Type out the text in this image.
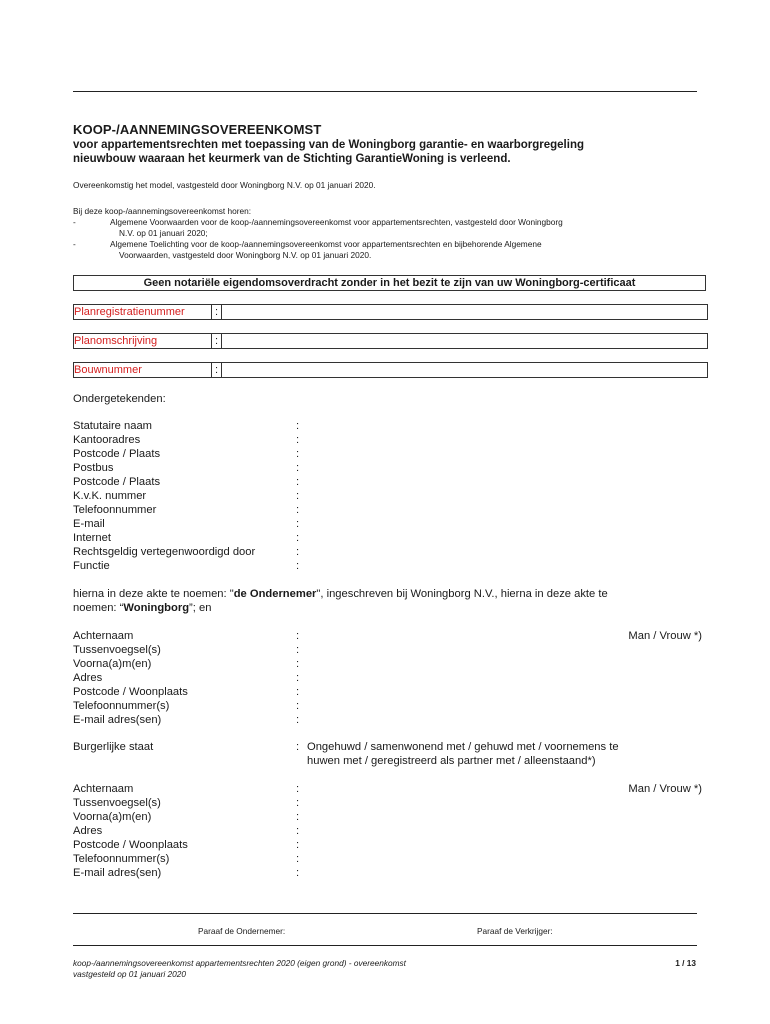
KOOP-/AANNEMINGSOVEREENKOMST
voor appartementsrechten met toepassing van de Woningborg garantie- en waarborgregeling
nieuwbouw waaraan het keurmerk van de Stichting GarantieWoning is verleend.
Overeenkomstig het model, vastgesteld door Woningborg N.V. op 01 januari 2020.
Bij deze koop-/aannemingsovereenkomst horen:
-	Algemene Voorwaarden voor de koop-/aannemingsovereenkomst voor appartementsrechten, vastgesteld door Woningborg
N.V. op 01 januari 2020;
-	Algemene Toelichting voor de koop-/aannemingsovereenkomst voor appartementsrechten en bijbehorende Algemene
Voorwaarden, vastgesteld door Woningborg N.V. op 01 januari 2020.
Geen notariële eigendomsoverdracht zonder in het bezit te zijn van uw Woningborg-certificaat
Planregistratienummer	:
Planomschrijving	:
Bouwnummer	:
Ondergetekenden:
Statutaire naam	:
Kantooradres	:
Postcode / Plaats	:
Postbus	:
Postcode / Plaats	:
K.v.K. nummer	:
Telefoonnummer	:
E-mail	:
Internet	:
Rechtsgeldig vertegenwoordigd door	:
Functie	:
hierna in deze akte te noemen: "de Ondernemer", ingeschreven bij Woningborg N.V., hierna in deze akte te
noemen: “Woningborg”; en
Achternaam	:	Man / Vrouw *)
Tussenvoegsel(s)	:
Voorna(a)m(en)	:
Adres	:
Postcode / Woonplaats	:
Telefoonnummer(s)	:
E-mail adres(sen)	:
Burgerlijke staat	: Ongehuwd / samenwonend met / gehuwd met / voornemens te
huwen met / geregistreerd als partner met / alleenstaand*)
Achternaam	:	Man / Vrouw *)
Tussenvoegsel(s)	:
Voorna(a)m(en)	:
Adres	:
Postcode / Woonplaats	:
Telefoonnummer(s)	:
E-mail adres(sen)	:
Paraaf de Ondernemer:	Paraaf de Verkrijger:
koop-/aannemingsovereenkomst appartementsrechten 2020 (eigen grond) - overeenkomst
vastgesteld op 01 januari 2020
1 / 13
